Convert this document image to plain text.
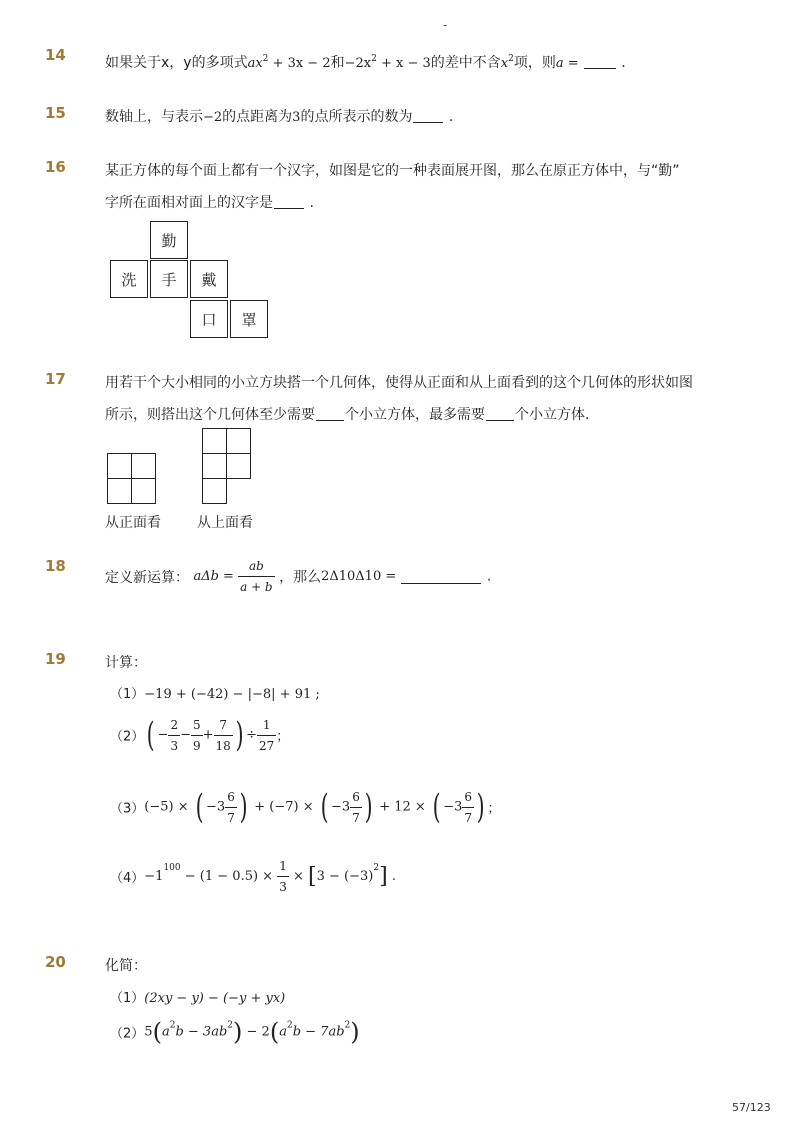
-
14	如果关于x，y的多项式$ax^2 + 3x - 2$和$-2x^2 + x - 3$的差中不含$x^2$项，则a =	.
15	数轴上，与表示−2的点距离为3的点所表示的数为	.
16	某正方体的每个面上都有一个汉字，如图是它的一种表面展开图，那么在原正方体中，与“勤”
字所在面相对面上的汉字是	.
勤
洗	手	戴
口	罩
17	用若干个大小相同的小立方块搭一个几何体，使得从正面和从上面看到的这个几何体的形状如图
所示，则搭出这个几何体至少需要 个小立方体，最多需要 个小立方体．
从正面看	从上面看
18
定义新运算： $a\Delta b = \frac{ab}{a + b}$ ，那么2Δ10Δ10 =	.
19	计算：
（1）−19 + (−42) − |−8| + 91 ;
$(2)( - \frac{2}{3} - \frac{5}{9} + \frac{7}{18}$ ) ÷ $\frac{1}{27}$ ；
（3）(−5) × ( $-3 \frac{6}{7}$ ) + (−7) × ( $-3 \frac{6}{7}$ ) + 12 × ( $-3 \frac{6}{7}$ ) ；
$(4)-1^{100} - (1 - 0.5) \times \frac{1}{3} \times [3 - (-3)^2]$ .
20	化简：
（1）(2xy − y) − (−y + yx)
$(2)5(a^2b - 3ab^2) - 2(a^2b - 7ab^2)$
57/123
